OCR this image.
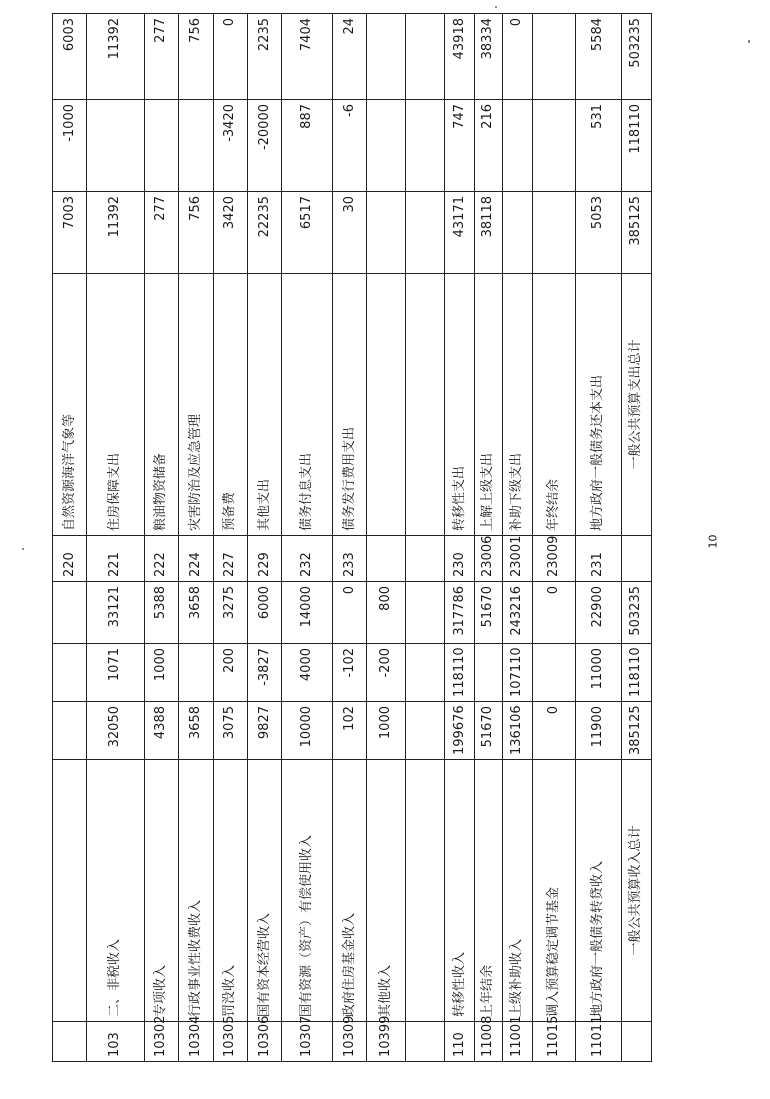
					220	自然资源海洋气象等	7003	-1000	6003
103	二、非税收入	32050	1071	33121	221	住房保障支出	11392		11392
10302	专项收入	4388	1000	5388	222	粮油物资储备	277		277
10304	行政事业性收费收入	3658		3658	224	灾害防治及应急管理	756		756
10305	罚没收入	3075	200	3275	227	预备费	3420	-3420	0
10306	国有资本经营收入	9827	-3827	6000	229	其他支出	22235	-20000	2235
10307	国有资源（资产）有偿使用收入	10000	4000	14000	232	债务付息支出	6517	887	7404
10309	政府住房基金收入	102	-102	0	233	债务发行费用支出	30	-6	24
10399	其他收入	1000	-200	800					

110	转移性收入	199676	118110	317786	230	转移性支出	43171	747	43918
11008	上年结余	51670		51670	23006	上解上级支出	38118	216	38334
11001	上级补助收入	136106	107110	243216	23001	补助下级支出			0
11015	调入预算稳定调节基金	0		0	23009	年终结余			
11011	地方政府一般债务转贷收入	11900	11000	22900	231	地方政府一般债务还本支出	5053	531	5584
	一般公共预算收入总计	385125	118110	503235		一般公共预算支出总计	385125	118110	503235
10
